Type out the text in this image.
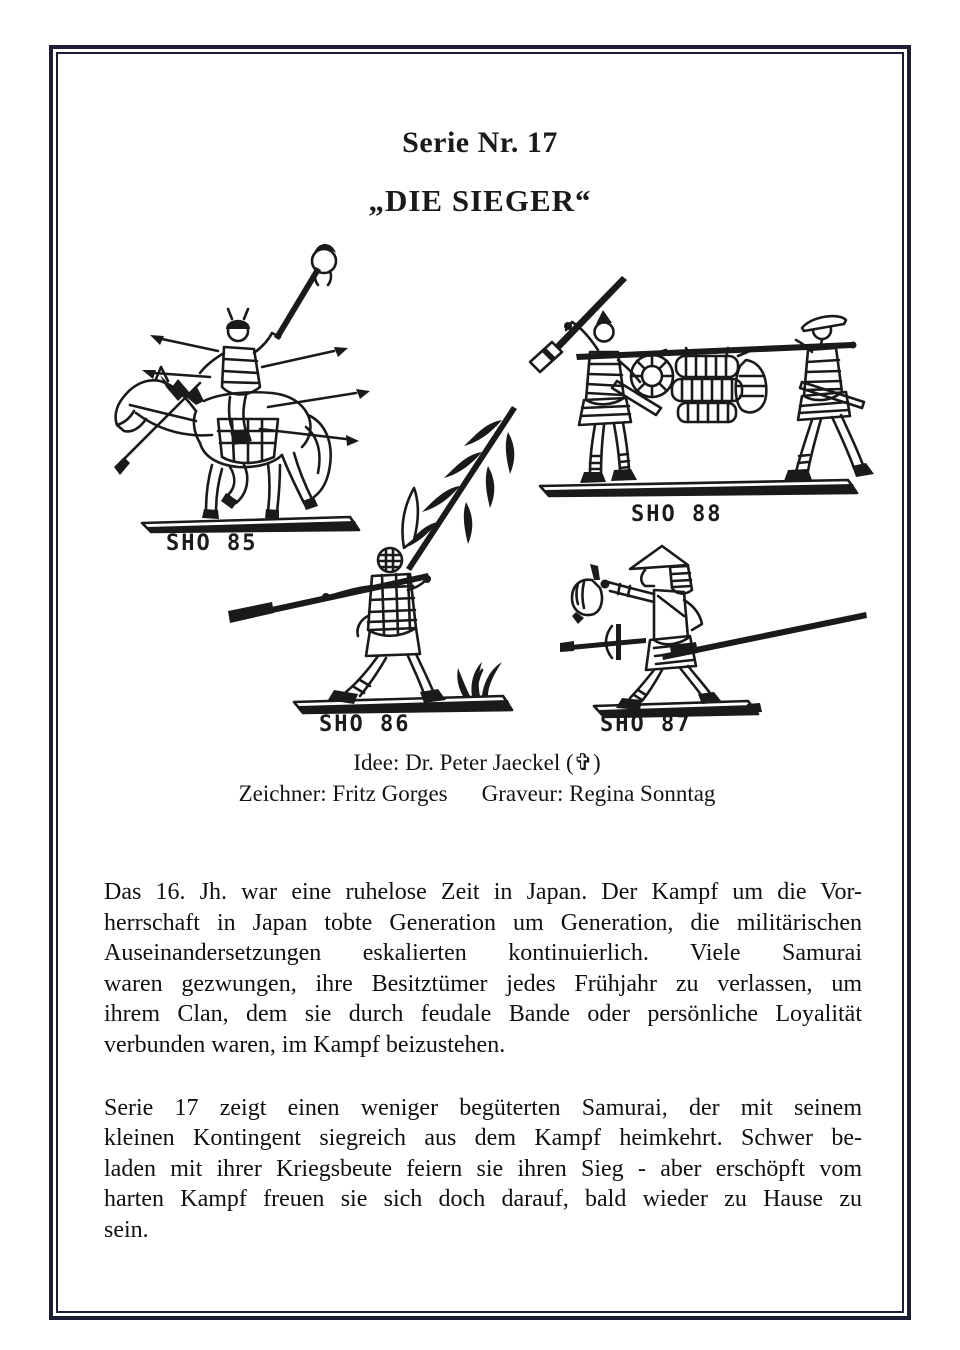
Serie Nr. 17
„DIE SIEGER“
SHO 85
SHO 88
SHO 86	SHO 87
Idee: Dr. Peter Jaeckel (✞)
Zeichner: Fritz Gorges Graveur: Regina Sonntag
Das 16. Jh. war eine ruhelose Zeit in Japan. Der Kampf um die Vor-
herrschaft in Japan tobte Generation um Generation, die militärischen
Auseinandersetzungen eskalierten kontinuierlich. Viele Samurai
waren gezwungen, ihre Besitztümer jedes Frühjahr zu verlassen, um
ihrem Clan, dem sie durch feudale Bande oder persönliche Loyalität
verbunden waren, im Kampf beizustehen.
Serie 17 zeigt einen weniger begüterten Samurai, der mit seinem
kleinen Kontingent siegreich aus dem Kampf heimkehrt. Schwer be-
laden mit ihrer Kriegsbeute feiern sie ihren Sieg - aber erschöpft vom
harten Kampf freuen sie sich doch darauf, bald wieder zu Hause zu
sein.
